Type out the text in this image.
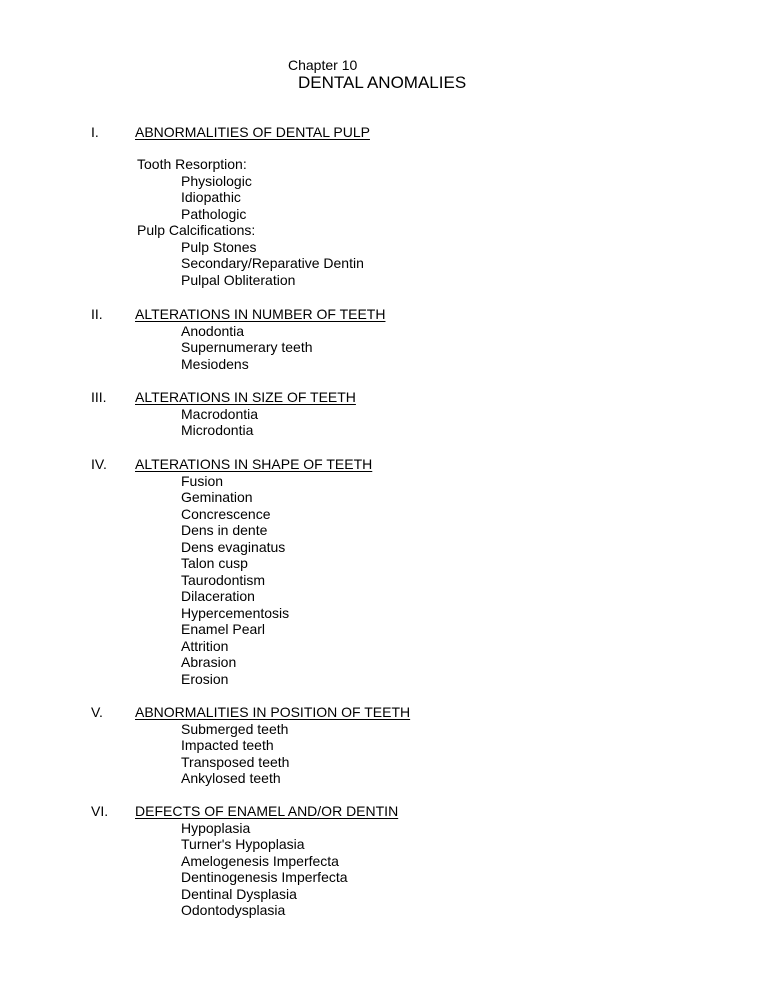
Chapter 10
DENTAL ANOMALIES
I.	ABNORMALITIES OF DENTAL PULP
Tooth Resorption:
Physiologic
Idiopathic
Pathologic
Pulp Calcifications:
Pulp Stones
Secondary/Reparative Dentin
Pulpal Obliteration
II. ALTERATIONS IN NUMBER OF TEETH
Anodontia
Supernumerary teeth
Mesiodens
III. ALTERATIONS IN SIZE OF TEETH
Macrodontia
Microdontia
IV. ALTERATIONS IN SHAPE OF TEETH
Fusion
Gemination
Concrescence
Dens in dente
Dens evaginatus
Talon cusp
Taurodontism
Dilaceration
Hypercementosis
Enamel Pearl
Attrition
Abrasion
Erosion
V. ABNORMALITIES IN POSITION OF TEETH
Submerged teeth
Impacted teeth
Transposed teeth
Ankylosed teeth
VI. DEFECTS OF ENAMEL AND/OR DENTIN
Hypoplasia
Turner's Hypoplasia
Amelogenesis Imperfecta
Dentinogenesis Imperfecta
Dentinal Dysplasia
Odontodysplasia
